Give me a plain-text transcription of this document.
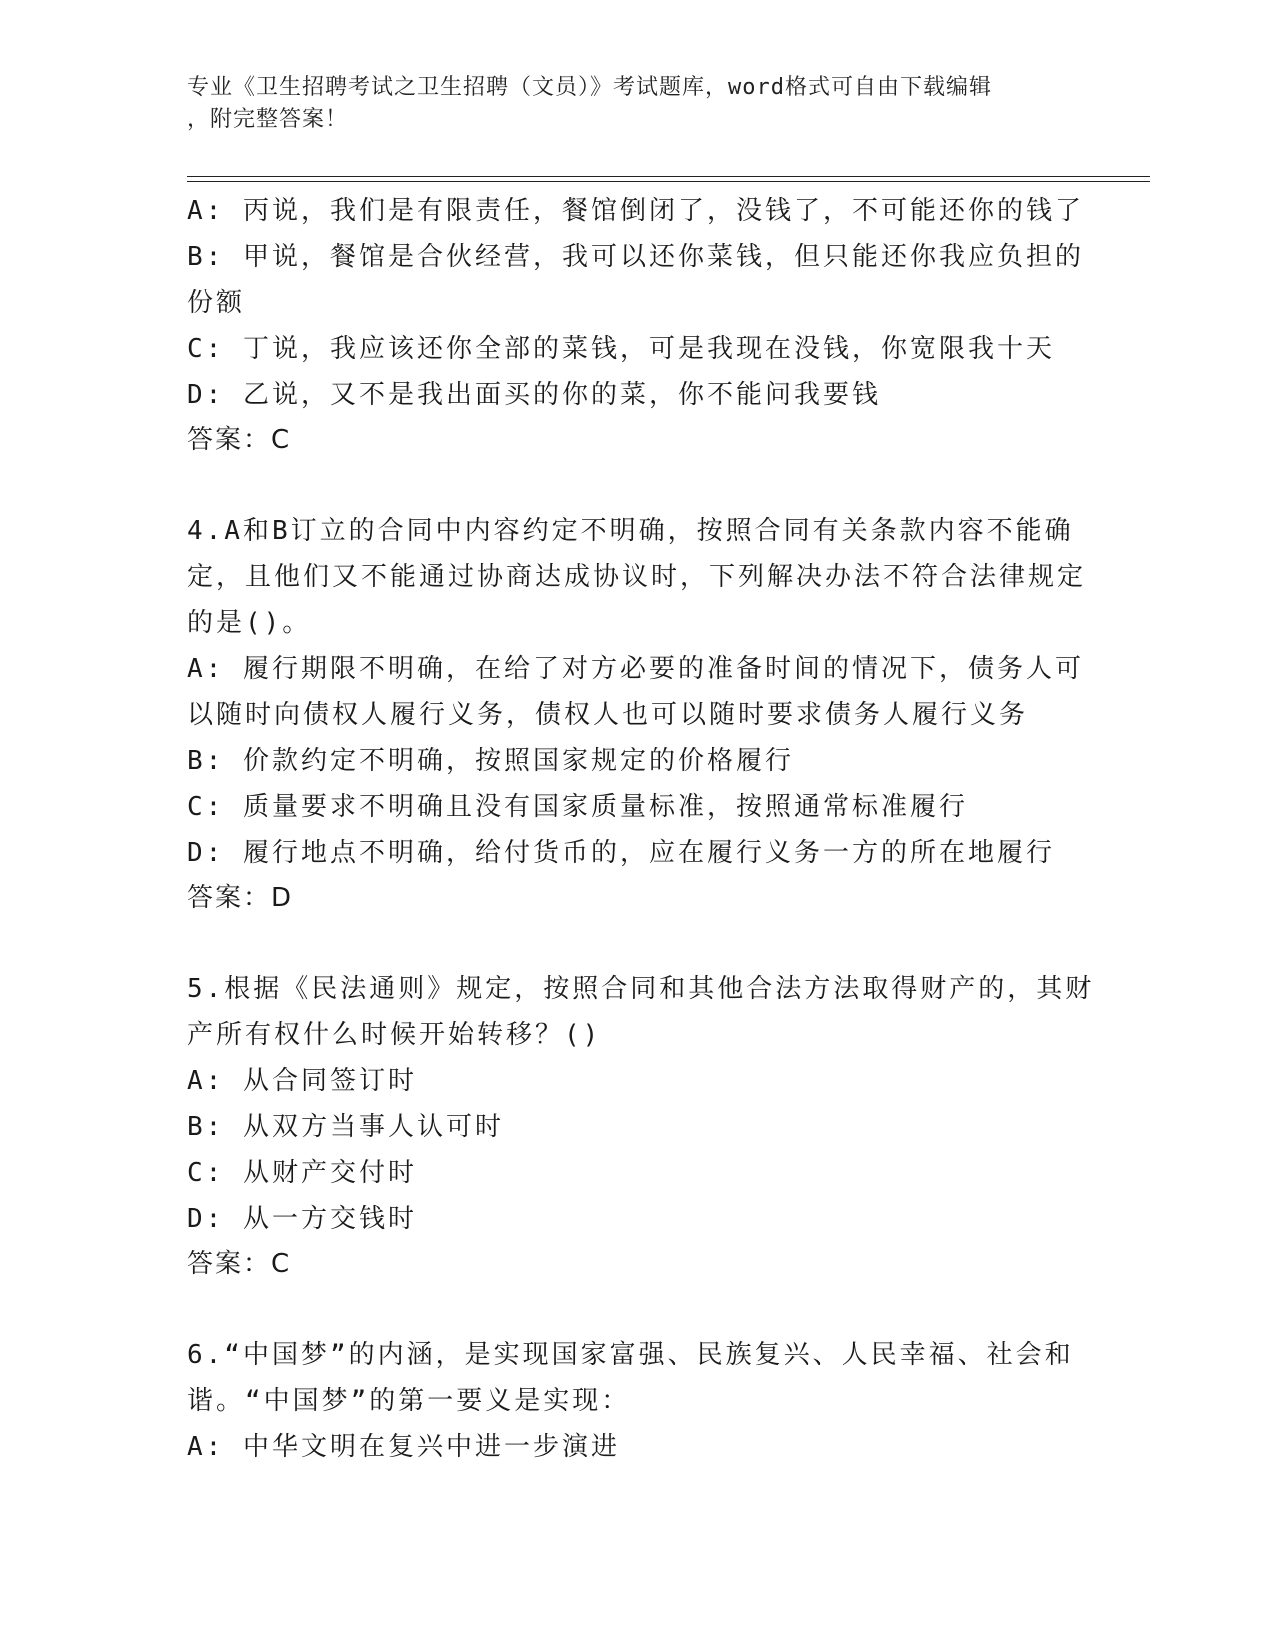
专业《卫生招聘考试之卫生招聘（文员）》考试题库，word格式可自由下载编辑
，附完整答案！

A: 丙说，我们是有限责任，餐馆倒闭了，没钱了，不可能还你的钱了

B: 甲说，餐馆是合伙经营，我可以还你菜钱，但只能还你我应负担的份额

C: 丁说，我应该还你全部的菜钱，可是我现在没钱，你宽限我十天

D: 乙说，又不是我出面买的你的菜，你不能问我要钱

答案：C

4.A和B订立的合同中内容约定不明确，按照合同有关条款内容不能确定，且他们又不能通过协商达成协议时，下列解决办法不符合法律规定的是()。

A: 履行期限不明确，在给了对方必要的准备时间的情况下，债务人可以随时向债权人履行义务，债权人也可以随时要求债务人履行义务

B: 价款约定不明确，按照国家规定的价格履行

C: 质量要求不明确且没有国家质量标准，按照通常标准履行

D: 履行地点不明确，给付货币的，应在履行义务一方的所在地履行

答案：D

5.根据《民法通则》规定，按照合同和其他合法方法取得财产的，其财产所有权什么时候开始转移？()

A: 从合同签订时

B: 从双方当事人认可时

C: 从财产交付时

D: 从一方交钱时

答案：C

6.“中国梦”的内涵，是实现国家富强、民族复兴、人民幸福、社会和谐。“中国梦”的第一要义是实现：

A: 中华文明在复兴中进一步演进
